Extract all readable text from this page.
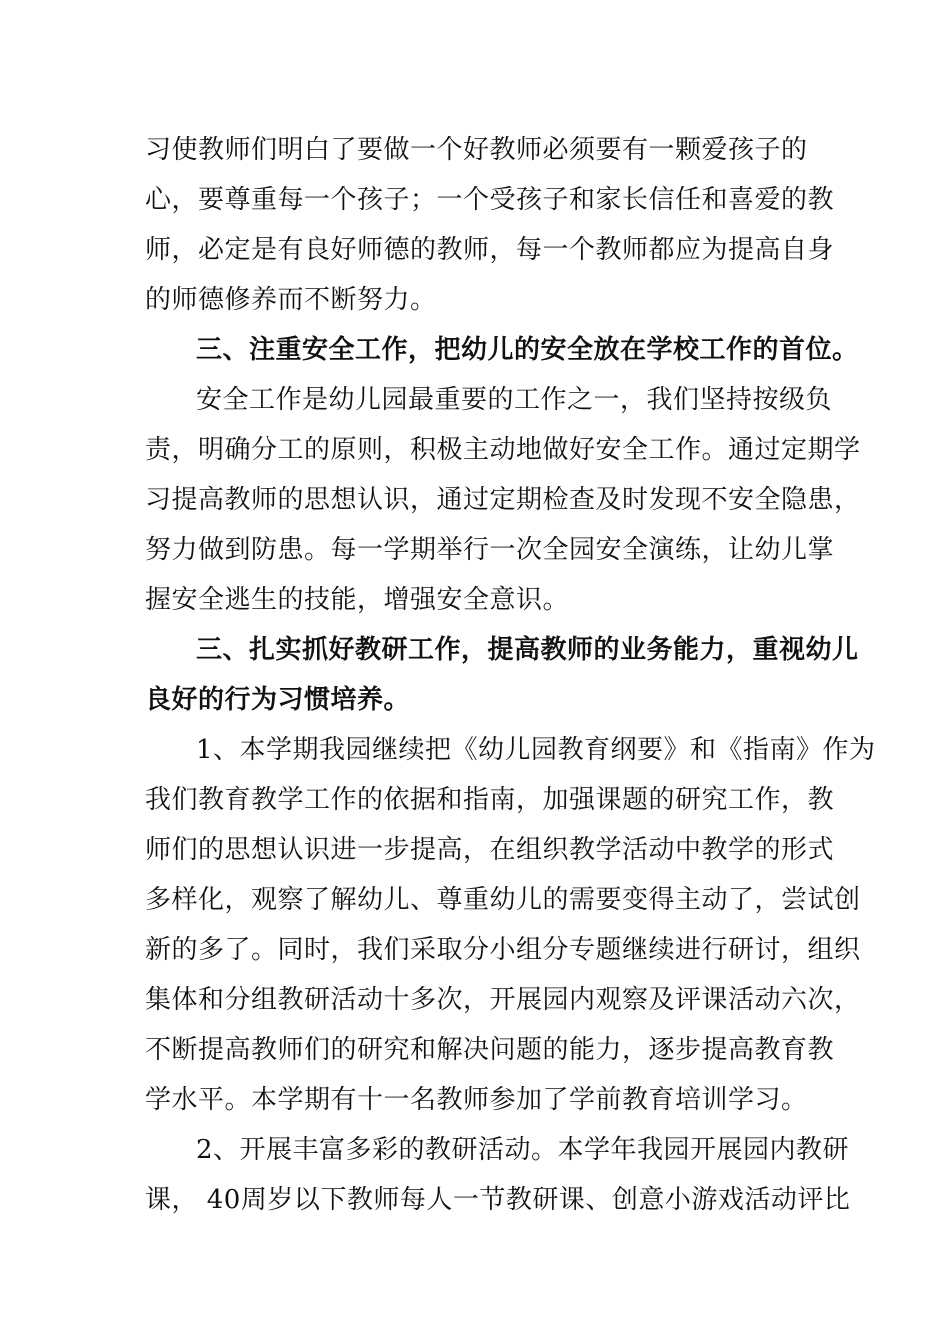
习使教师们明白了要做一个好教师必须要有一颗爱孩子的
心，要尊重每一个孩子；一个受孩子和家长信任和喜爱的教
师，必定是有良好师德的教师，每一个教师都应为提高自身
的师德修养而不断努力。
三、注重安全工作，把幼儿的安全放在学校工作的首位。
安全工作是幼儿园最重要的工作之一，我们坚持按级负
责，明确分工的原则，积极主动地做好安全工作。通过定期学
习提高教师的思想认识，通过定期检查及时发现不安全隐患，
努力做到防患。每一学期举行一次全园安全演练，让幼儿掌
握安全逃生的技能，增强安全意识。
三、扎实抓好教研工作，提高教师的业务能力，重视幼儿
良好的行为习惯培养。
1、本学期我园继续把《幼儿园教育纲要》和《指南》作为
我们教育教学工作的依据和指南，加强课题的研究工作，教
师们的思想认识进一步提高，在组织教学活动中教学的形式
多样化，观察了解幼儿、尊重幼儿的需要变得主动了，尝试创
新的多了。同时，我们采取分小组分专题继续进行研讨，组织
集体和分组教研活动十多次，开展园内观察及评课活动六次，
不断提高教师们的研究和解决问题的能力，逐步提高教育教
学水平。本学期有十一名教师参加了学前教育培训学习。
2、开展丰富多彩的教研活动。本学年我园开展园内教研
课， 40周岁以下教师每人一节教研课、创意小游戏活动评比
